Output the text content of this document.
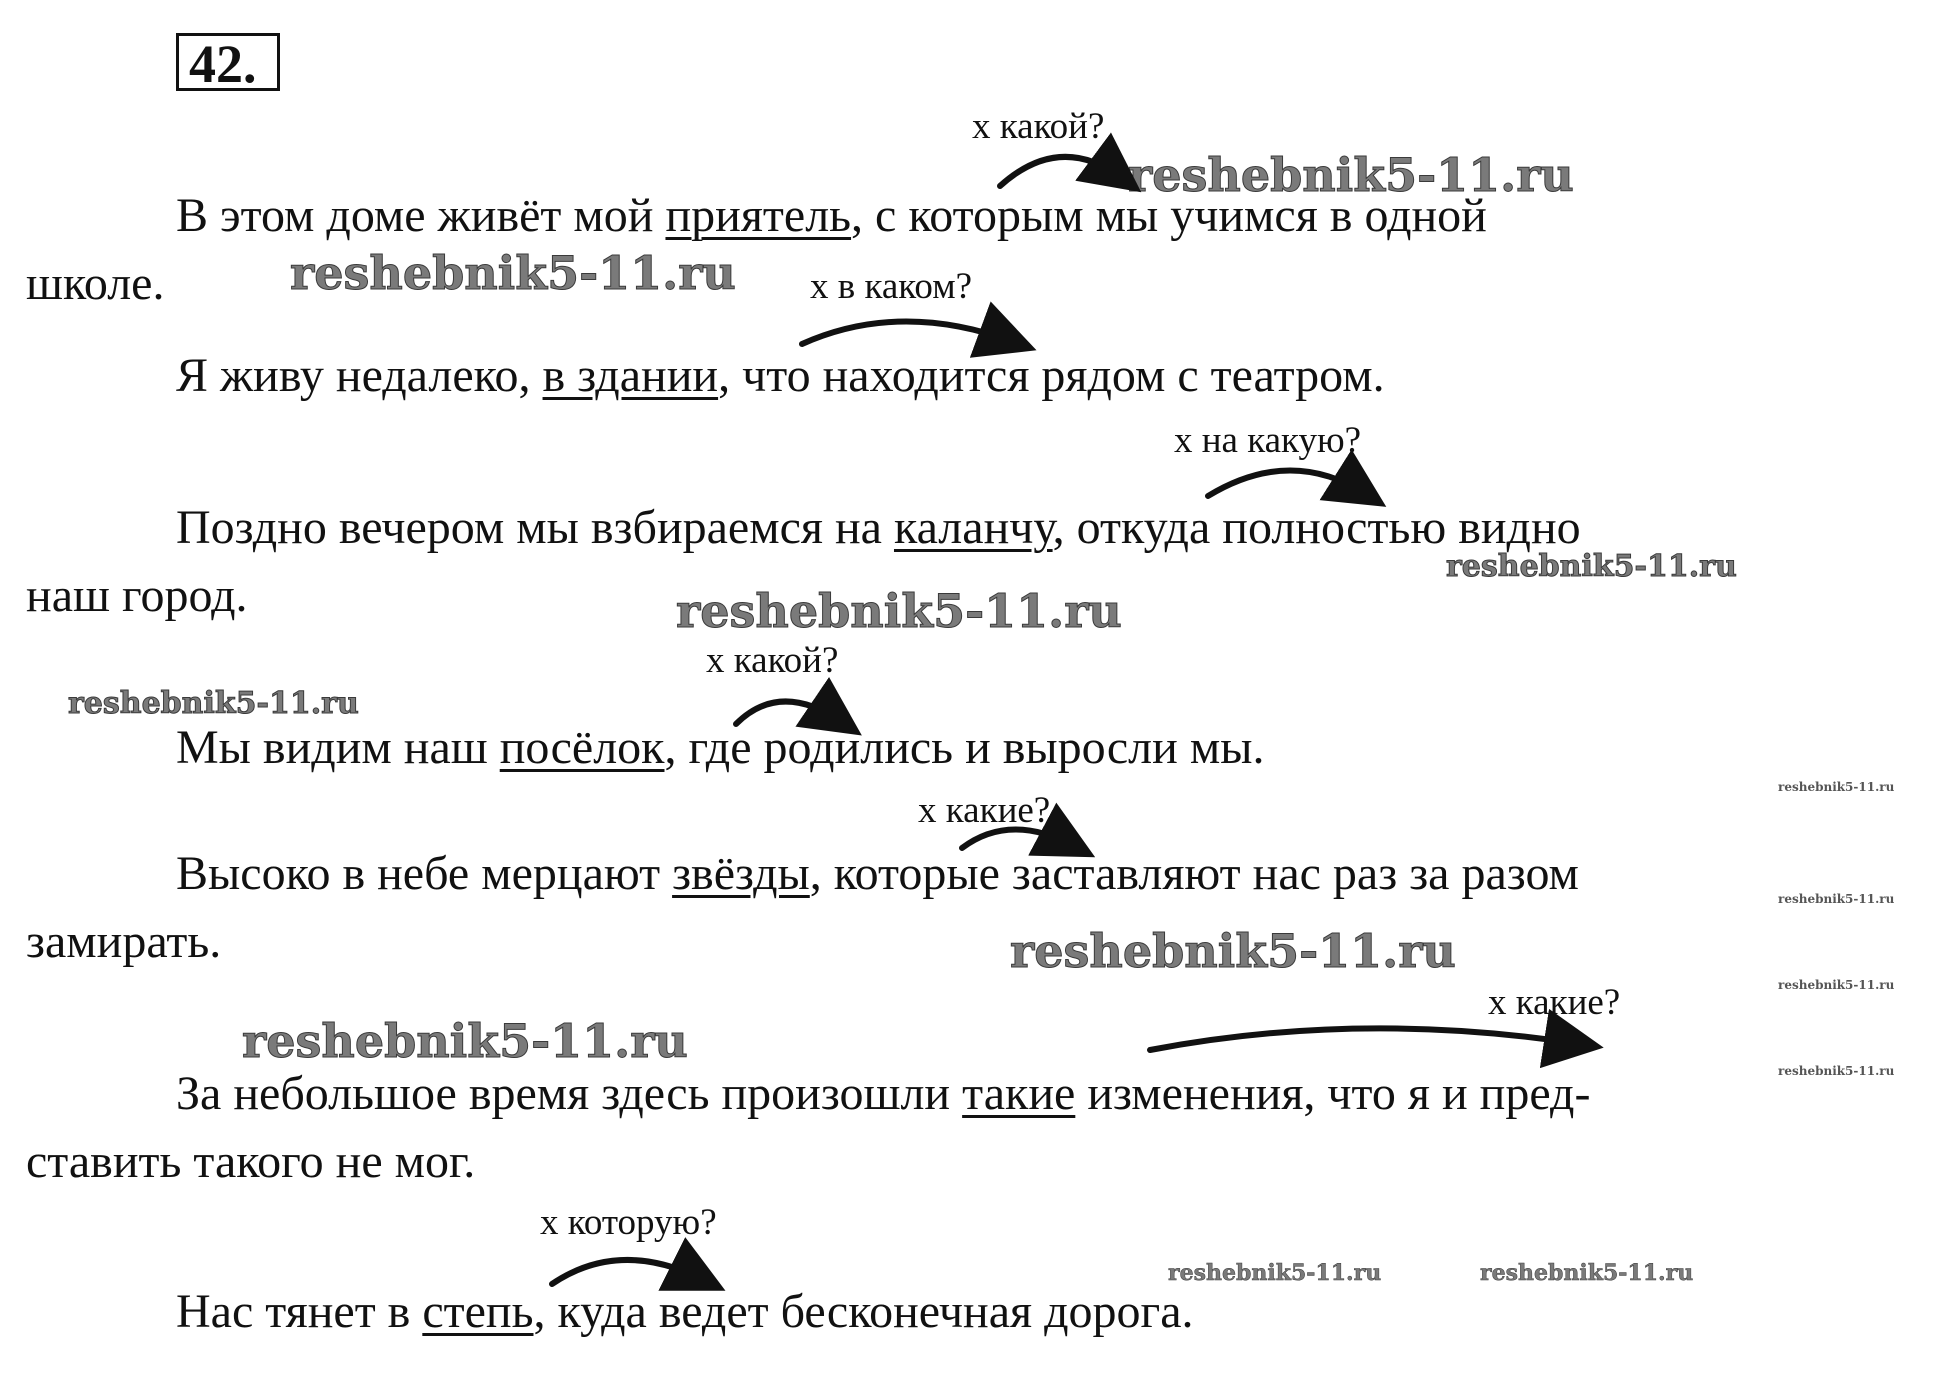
42.
reshebnik5-11.ru
reshebnik5-11.ru
reshebnik5-11.ru
reshebnik5-11.ru
reshebnik5-11.ru
reshebnik5-11.ru
reshebnik5-11.ru
reshebnik5-11.ru
reshebnik5-11.ru
reshebnik5-11.ru
reshebnik5-11.ru
reshebnik5-11.ru	reshebnik5-11.ru
х какой?
х в каком?
х на какую?
х какой?
х какие?
х какие?
х которую?
В этом доме живёт мой приятель, с которым мы учимся в одной
школе.
Я живу недалеко, в здании, что находится рядом с театром.
Поздно вечером мы взбираемся на каланчу, откуда полностью видно
наш город.
Мы видим наш посёлок, где родились и выросли мы.
Высоко в небе мерцают звёзды, которые заставляют нас раз за разом
замирать.
За небольшое время здесь произошли такие изменения, что я и пред-
ставить такого не мог.
Нас тянет в степь, куда ведет бесконечная дорога.
